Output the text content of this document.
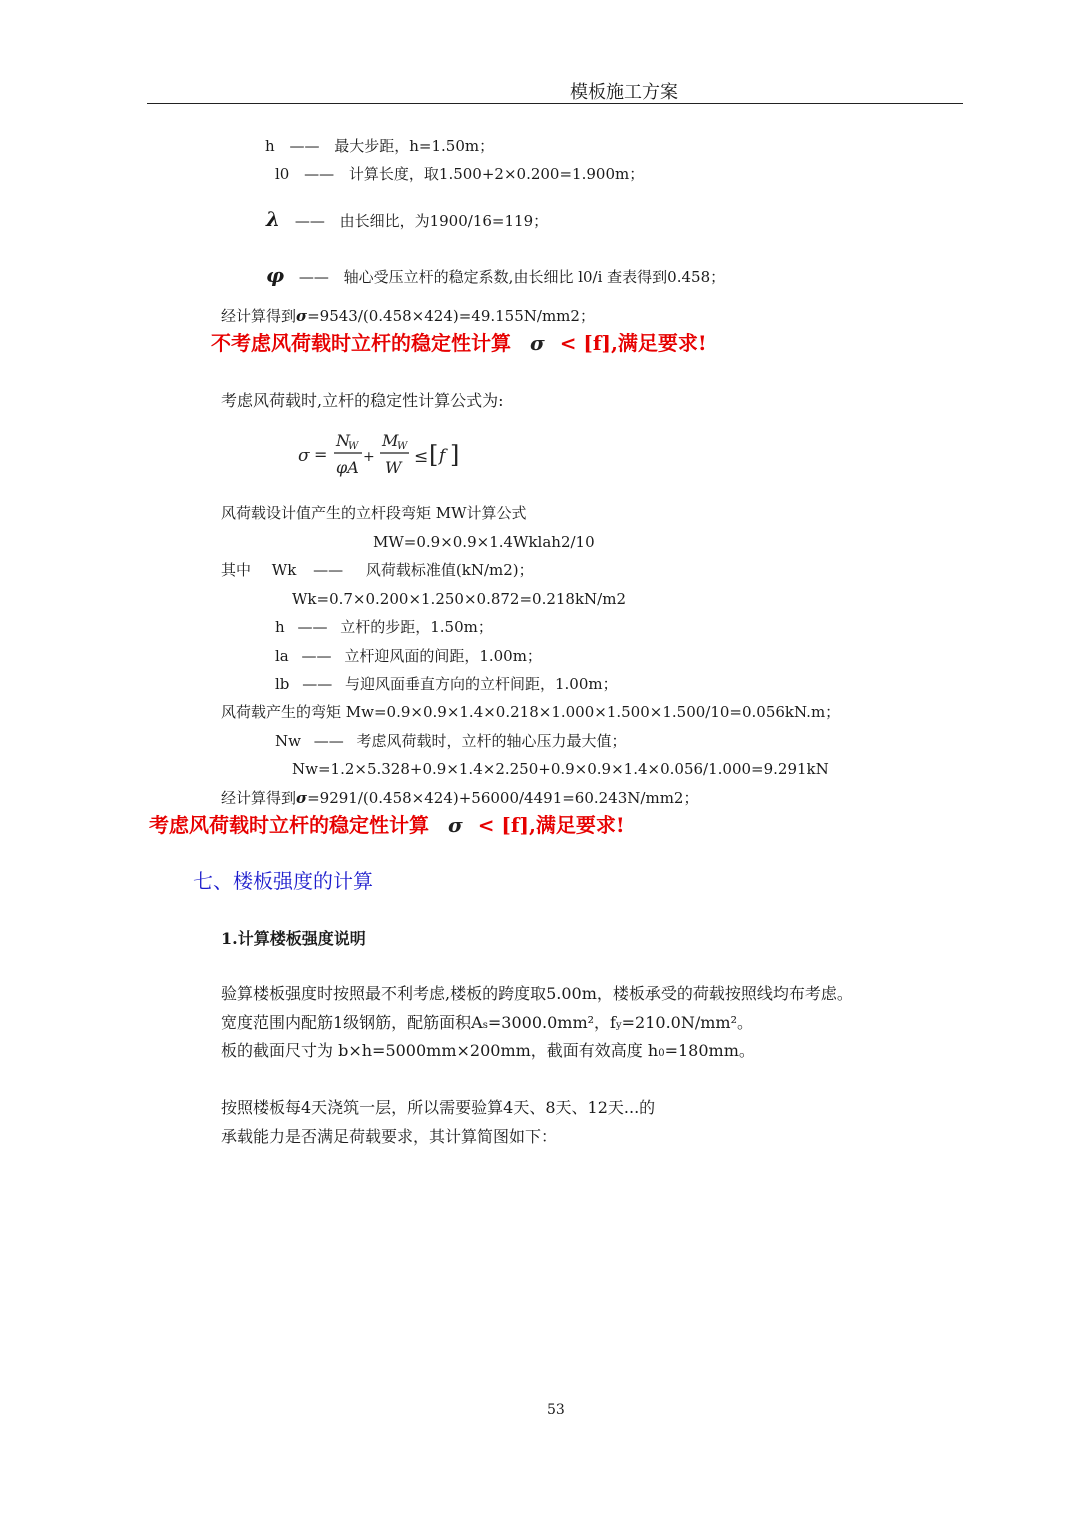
模板施工方案
h —— 最大步距，h=1.50m；
l0 —— 计算长度，取1.500+2×0.200=1.900m；
λ —— 由长细比，为1900/16=119；
φ —— 轴心受压立杆的稳定系数,由长细比 l0/i 查表得到0.458；
经计算得到σ=9543/(0.458×424)=49.155N/mm2；
不考虑风荷载时立杆的稳定性计算 σ < [f],满足要求!
考虑风荷载时,立杆的稳定性计算公式为:
σ =
N
W
φA
+
M
W
W
≤ [ f ]
风荷载设计值产生的立杆段弯矩 MW计算公式
MW=0.9×0.9×1.4Wklah2/10
其中 Wk —— 风荷载标准值(kN/m2)；
Wk=0.7×0.200×1.250×0.872=0.218kN/m2
h —— 立杆的步距，1.50m；
la —— 立杆迎风面的间距，1.00m；
lb —— 与迎风面垂直方向的立杆间距，1.00m；
风荷载产生的弯矩 Mw=0.9×0.9×1.4×0.218×1.000×1.500×1.500/10=0.056kN.m；
Nw —— 考虑风荷载时，立杆的轴心压力最大值；
Nw=1.2×5.328+0.9×1.4×2.250+0.9×0.9×1.4×0.056/1.000=9.291kN
经计算得到σ=9291/(0.458×424)+56000/4491=60.243N/mm2；
考虑风荷载时立杆的稳定性计算 σ < [f],满足要求!
七、楼板强度的计算
1.计算楼板强度说明
验算楼板强度时按照最不利考虑,楼板的跨度取5.00m，楼板承受的荷载按照线均布考虑。
宽度范围内配筋1级钢筋，配筋面积As=3000.0mm²，fy=210.0N/mm²。
板的截面尺寸为 b×h=5000mm×200mm，截面有效高度 h0=180mm。
按照楼板每4天浇筑一层，所以需要验算4天、8天、12天...的
承载能力是否满足荷载要求，其计算简图如下：
53
